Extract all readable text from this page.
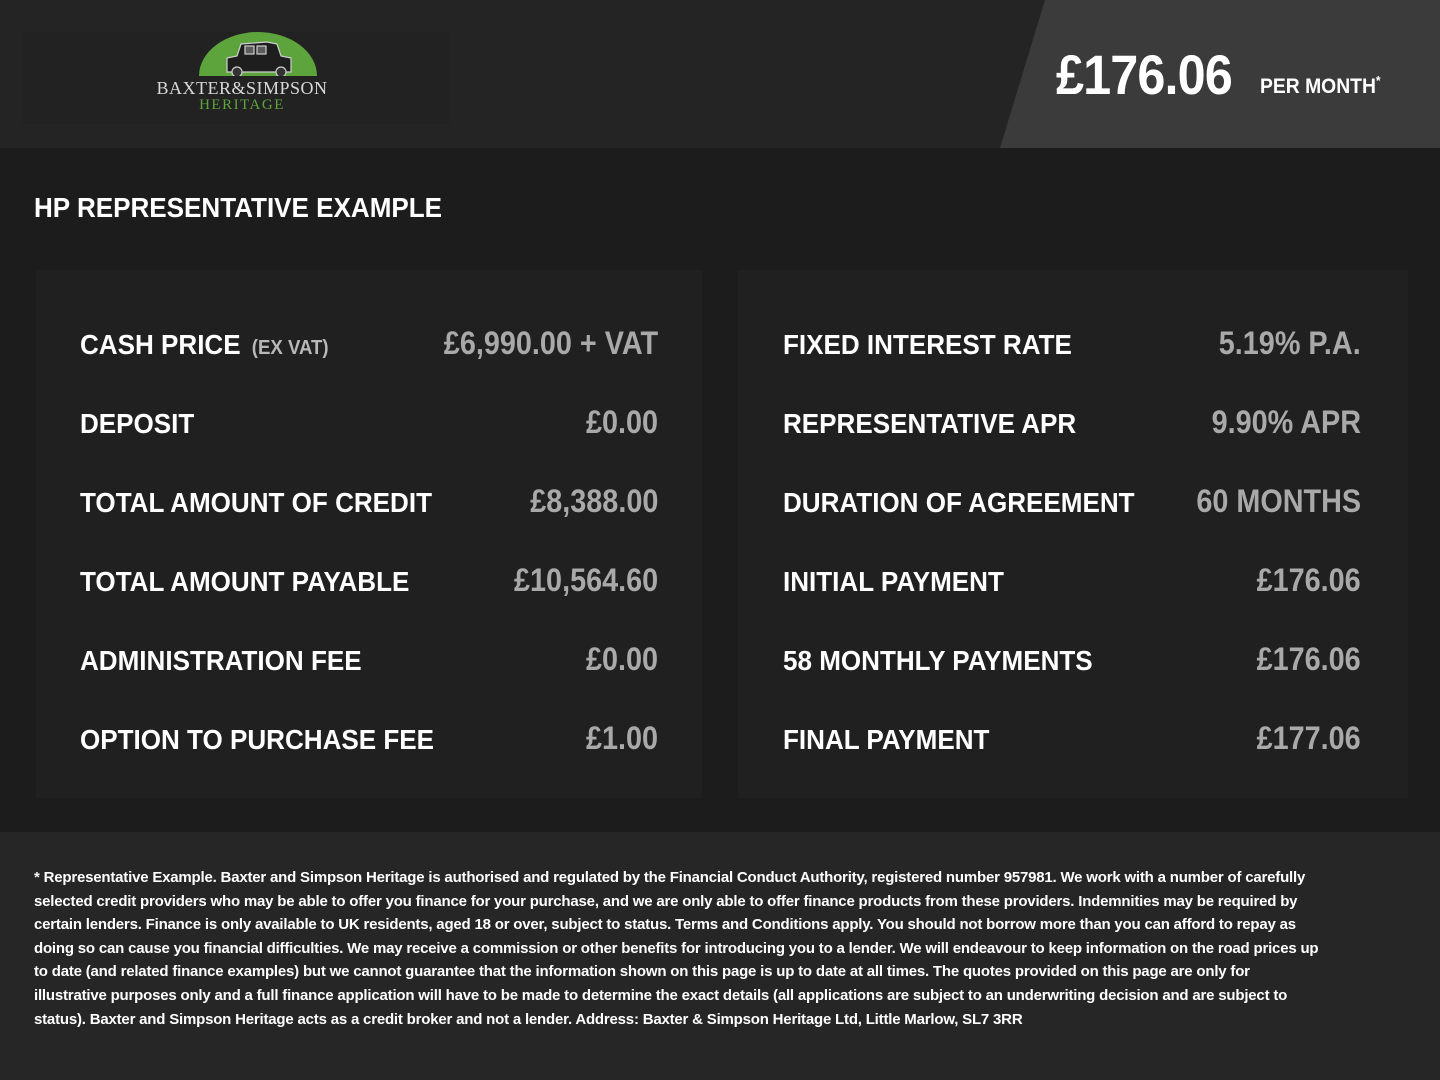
BAXTER&SIMPSON
HERITAGE	£176.06 PER MONTH*
HP REPRESENTATIVE EXAMPLE
CASH PRICE (EX VAT)	£6,990.00 + VAT
DEPOSIT	£0.00
TOTAL AMOUNT OF CREDIT	£8,388.00
TOTAL AMOUNT PAYABLE	£10,564.60
ADMINISTRATION FEE	£0.00
OPTION TO PURCHASE FEE	£1.00
FIXED INTEREST RATE	5.19% P.A.
REPRESENTATIVE APR	9.90% APR
DURATION OF AGREEMENT 60 MONTHS
INITIAL PAYMENT	£176.06
58 MONTHLY PAYMENTS	£176.06
FINAL PAYMENT	£177.06
* Representative Example. Baxter and Simpson Heritage is authorised and regulated by the Financial Conduct Authority, registered number 957981. We work with a number of carefully selected credit providers who may be able to offer you finance for your purchase, and we are only able to offer finance products from these providers. Indemnities may be required by certain lenders. Finance is only available to UK residents, aged 18 or over, subject to status. Terms and Conditions apply. You should not borrow more than you can afford to repay as doing so can cause you financial difficulties. We may receive a commission or other benefits for introducing you to a lender. We will endeavour to keep information on the road prices up to date (and related finance examples) but we cannot guarantee that the information shown on this page is up to date at all times. The quotes provided on this page are only for illustrative purposes only and a full finance application will have to be made to determine the exact details (all applications are subject to an underwriting decision and are subject to status). Baxter and Simpson Heritage acts as a credit broker and not a lender. Address: Baxter & Simpson Heritage Ltd, Little Marlow, SL7 3RR
